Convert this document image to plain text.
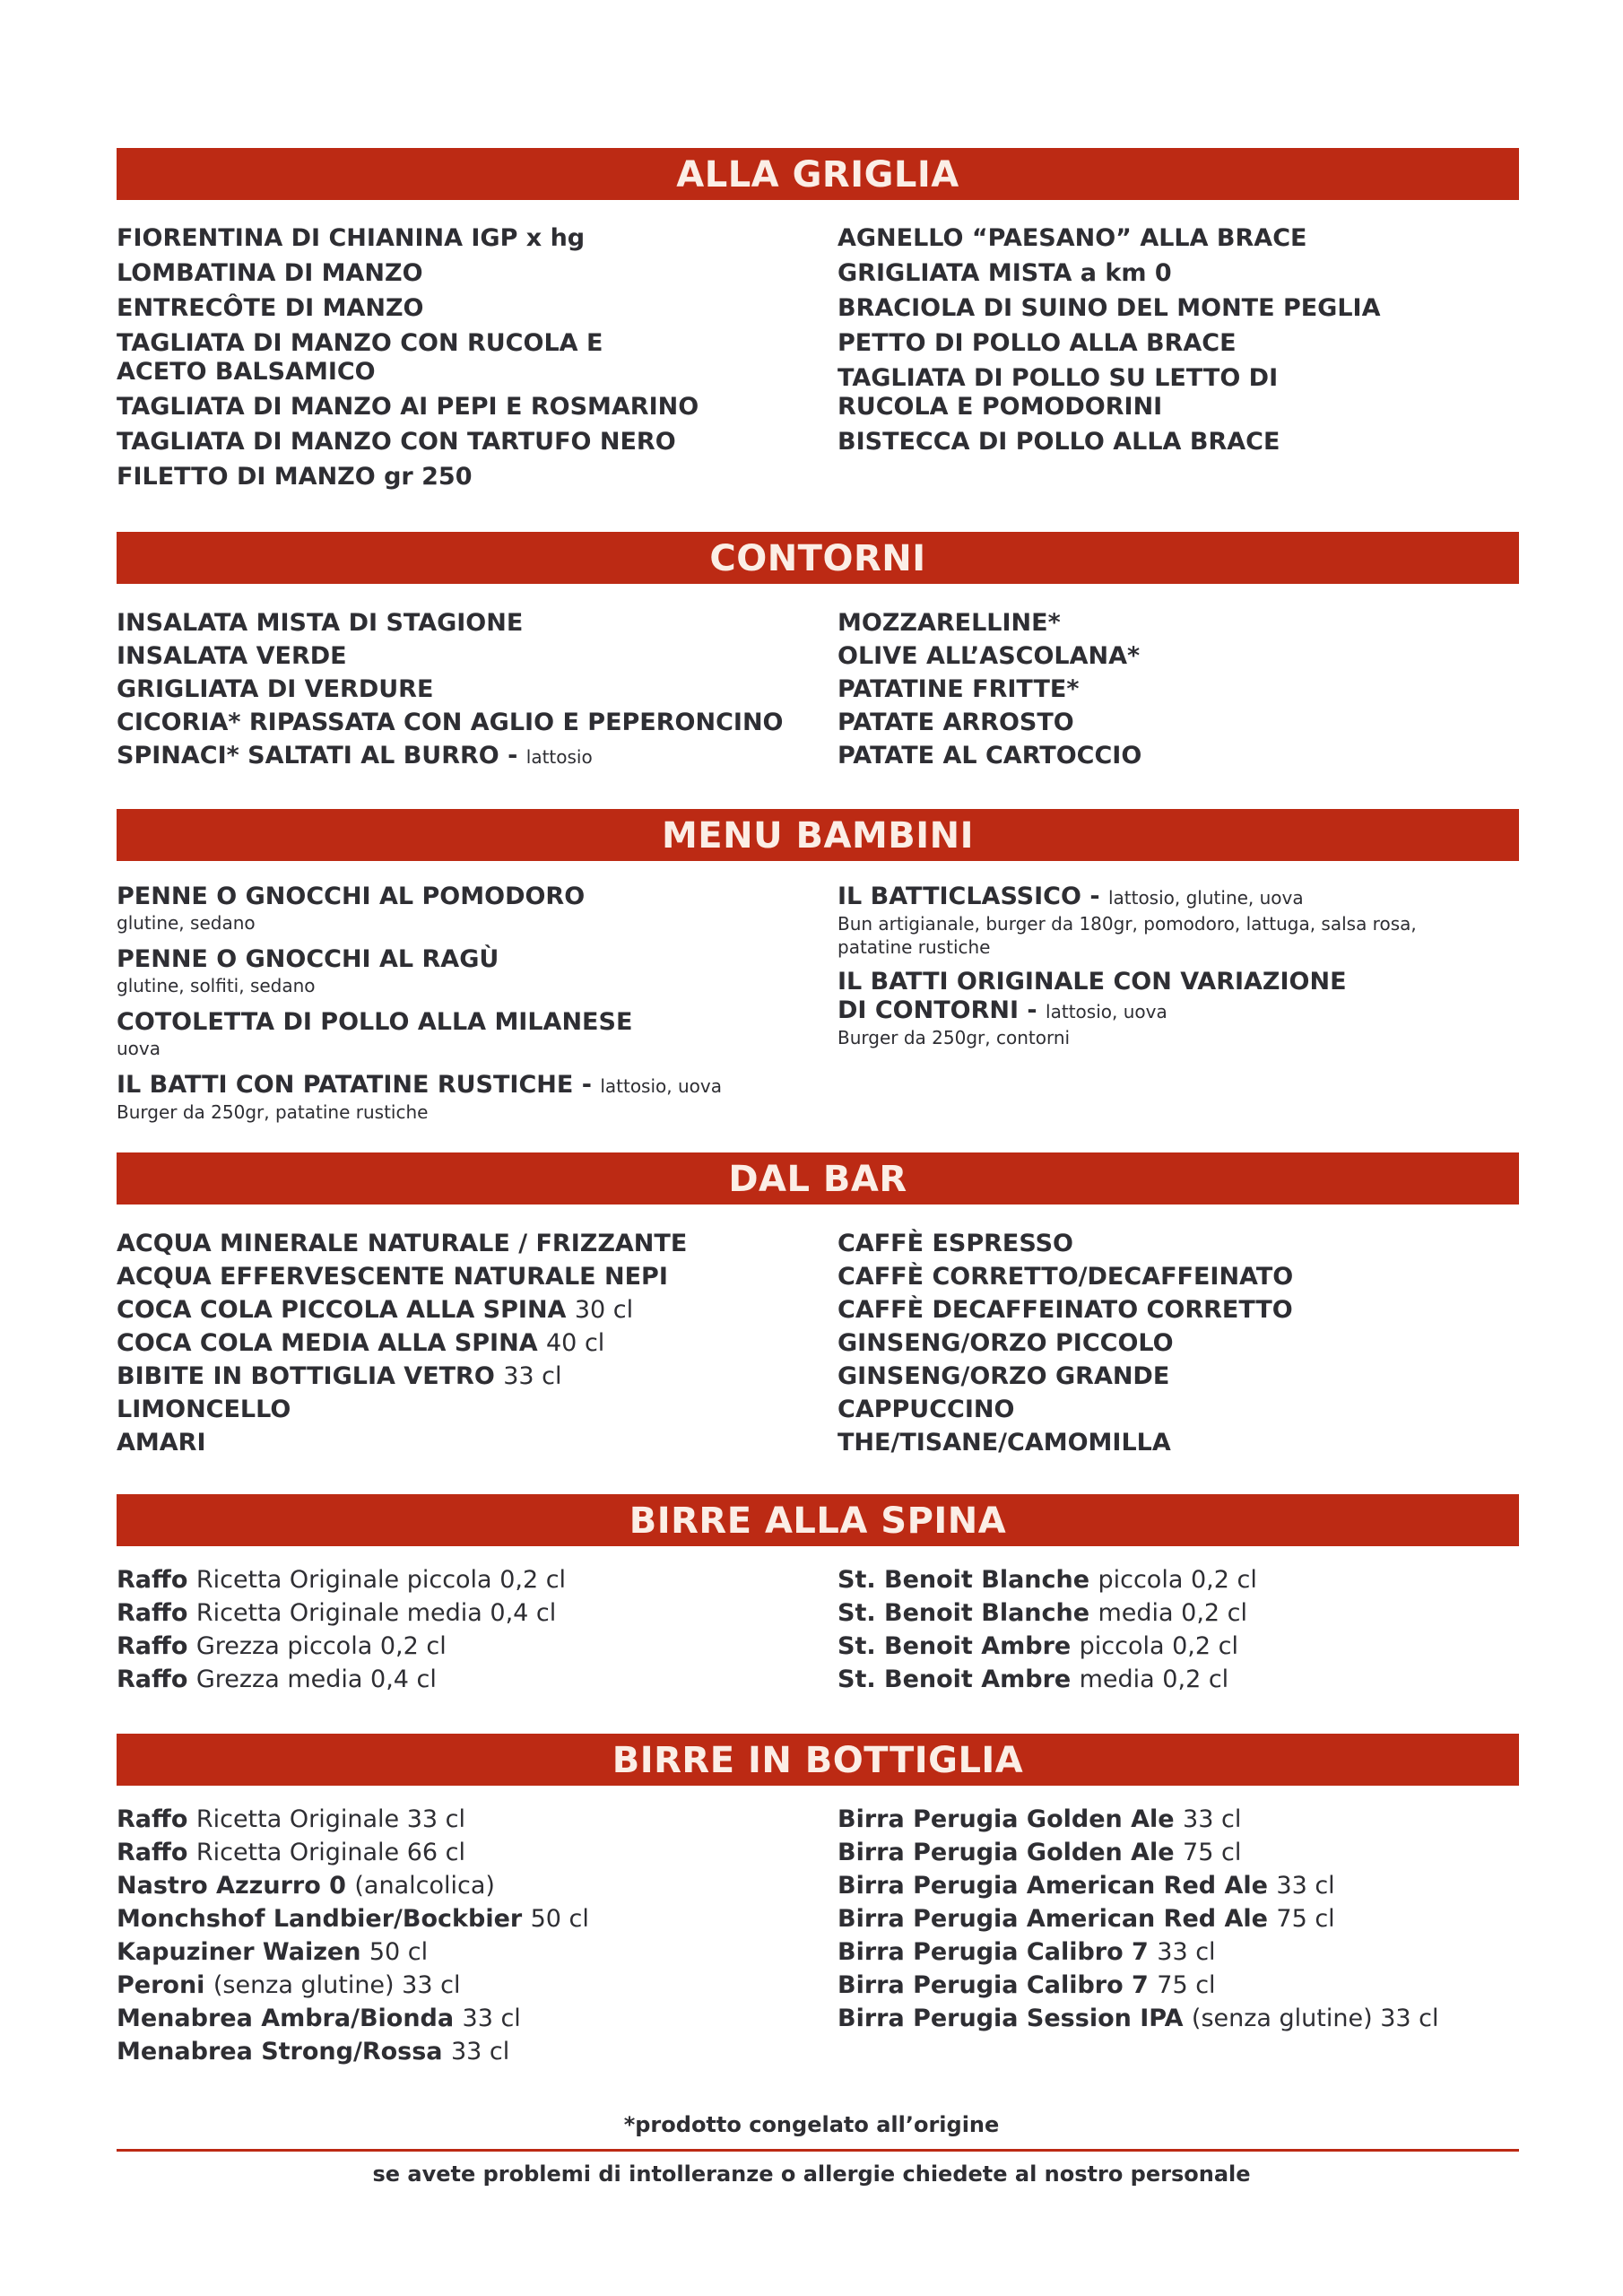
ALLA GRIGLIA

FIORENTINA DI CHIANINA IGP x hg

LOMBATINA DI MANZO

ENTRECÔTE DI MANZO

TAGLIATA DI MANZO CON RUCOLA E ACETO BALSAMICO

TAGLIATA DI MANZO AI PEPI E ROSMARINO

TAGLIATA DI MANZO CON TARTUFO NERO

FILETTO DI MANZO gr 250

AGNELLO “PAESANO” ALLA BRACE

GRIGLIATA MISTA a km 0

BRACIOLA DI SUINO DEL MONTE PEGLIA

PETTO DI POLLO ALLA BRACE

TAGLIATA DI POLLO SU LETTO DI RUCOLA E POMODORINI

BISTECCA DI POLLO ALLA BRACE

CONTORNI

INSALATA MISTA DI STAGIONE

INSALATA VERDE

GRIGLIATA DI VERDURE

CICORIA* RIPASSATA CON AGLIO E PEPERONCINO

SPINACI* SALTATI AL BURRO - lattosio

MOZZARELLINE*

OLIVE ALL’ASCOLANA*

PATATINE FRITTE*

PATATE ARROSTO

PATATE AL CARTOCCIO

MENU BAMBINI

PENNE O GNOCCHI AL POMODORO

glutine, sedano

PENNE O GNOCCHI AL RAGÙ

glutine, solfiti, sedano

COTOLETTA DI POLLO ALLA MILANESE

uova

IL BATTI CON PATATINE RUSTICHE - lattosio, uova

Burger da 250gr, patatine rustiche

IL BATTICLASSICO - lattosio, glutine, uova

Bun artigianale, burger da 180gr, pomodoro, lattuga, salsa rosa, patatine rustiche

IL BATTI ORIGINALE CON VARIAZIONE

DI CONTORNI - lattosio, uova

Burger da 250gr, contorni

DAL BAR

ACQUA MINERALE NATURALE / FRIZZANTE

ACQUA EFFERVESCENTE NATURALE NEPI

COCA COLA PICCOLA ALLA SPINA 30 cl

COCA COLA MEDIA ALLA SPINA 40 cl

BIBITE IN BOTTIGLIA VETRO 33 cl

LIMONCELLO

AMARI

CAFFÈ ESPRESSO

CAFFÈ CORRETTO/DECAFFEINATO

CAFFÈ DECAFFEINATO CORRETTO

GINSENG/ORZO PICCOLO

GINSENG/ORZO GRANDE

CAPPUCCINO

THE/TISANE/CAMOMILLA

BIRRE ALLA SPINA

Raffo Ricetta Originale piccola 0,2 cl

Raffo Ricetta Originale media 0,4 cl

Raffo Grezza piccola 0,2 cl

Raffo Grezza media 0,4 cl

St. Benoit Blanche piccola 0,2 cl

St. Benoit Blanche media 0,2 cl

St. Benoit Ambre piccola 0,2 cl

St. Benoit Ambre media 0,2 cl

BIRRE IN BOTTIGLIA

Raffo Ricetta Originale 33 cl

Raffo Ricetta Originale 66 cl

Nastro Azzurro 0 (analcolica)

Monchshof Landbier/Bockbier 50 cl

Kapuziner Waizen 50 cl

Peroni (senza glutine) 33 cl

Menabrea Ambra/Bionda 33 cl

Menabrea Strong/Rossa 33 cl

Birra Perugia Golden Ale 33 cl

Birra Perugia Golden Ale 75 cl

Birra Perugia American Red Ale 33 cl

Birra Perugia American Red Ale 75 cl

Birra Perugia Calibro 7 33 cl

Birra Perugia Calibro 7 75 cl

Birra Perugia Session IPA (senza glutine) 33 cl

*prodotto congelato all’origine
se avete problemi di intolleranze o allergie chiedete al nostro personale
